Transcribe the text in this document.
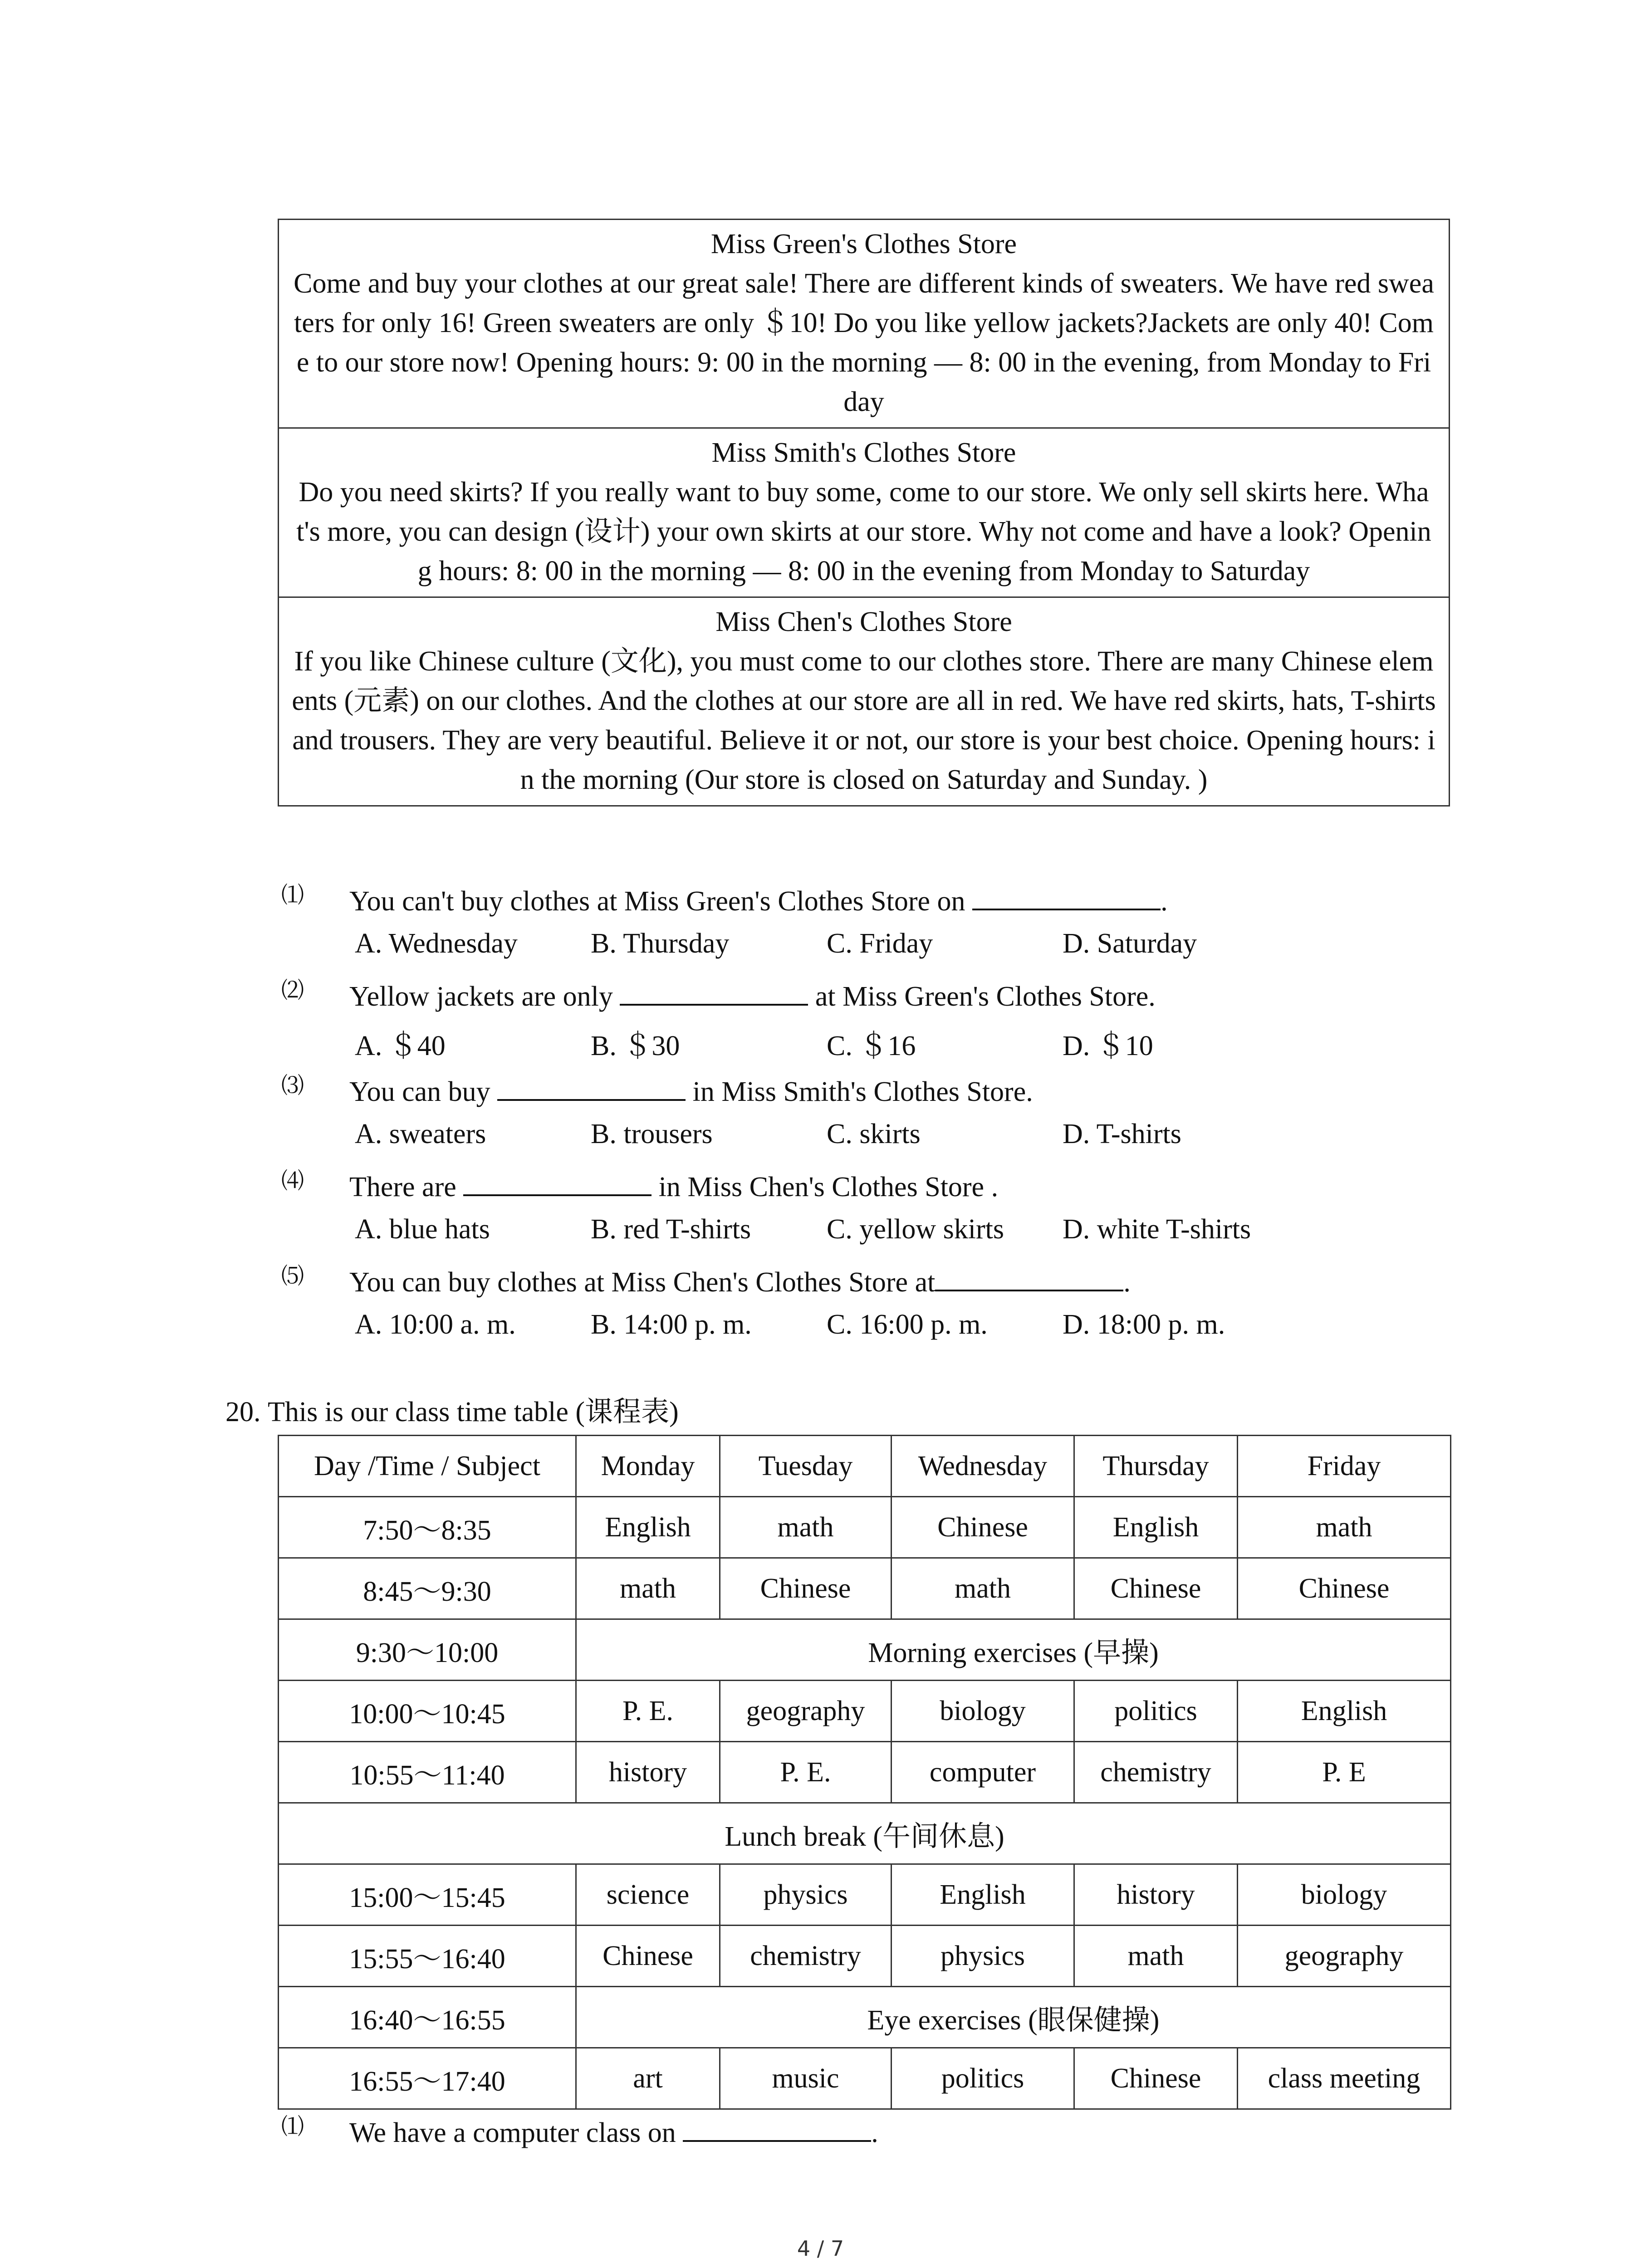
Miss Green's Clothes Store
Come and buy your clothes at our great sale! There are different kinds of sweaters. We have red sweaters for only 16! Green sweaters are only ＄10! Do you like yellow jackets?Jackets are only 40! Come to our store now! Opening hours: 9: 00 in the morning — 8: 00 in the evening, from Monday to Friday
Miss Smith's Clothes Store
Do you need skirts? If you really want to buy some, come to our store. We only sell skirts here. What's more, you can design (设计) your own skirts at our store. Why not come and have a look? Opening hours: 8: 00 in the morning — 8: 00 in the evening from Monday to Saturday
Miss Chen's Clothes Store
If you like Chinese culture (文化), you must come to our clothes store. There are many Chinese elements (元素) on our clothes. And the clothes at our store are all in red. We have red skirts, hats, T-shirts and trousers. They are very beautiful. Believe it or not, our store is your best choice. Opening hours: in the morning (Our store is closed on Saturday and Sunday. )
⑴ You can't buy clothes at Miss Green's Clothes Store on	.
A. Wednesday	B. Thursday	C. Friday	D. Saturday
⑵ Yellow jackets are only	at Miss Green's Clothes Store.
A. ＄40	B. ＄30	C. ＄16	D. ＄10
⑶ You can buy	in Miss Smith's Clothes Store.
A. sweaters	B. trousers	C. skirts	D. T-shirts
⑷ There are	in Miss Chen's Clothes Store .
A. blue hats	B. red T-shirts	C. yellow skirts D. white T-shirts
⑸ You can buy clothes at Miss Chen's Clothes Store at	.
A. 10:00 a. m.	B. 14:00 p. m.	C. 16:00 p. m.	D. 18:00 p. m.
20. This is our class time table (课程表)
Day /Time / Subject	Monday	Tuesday	Wednesday	Thursday	Friday
7:50～8:35	English	math	Chinese	English	math
8:45～9:30	math	Chinese	math	Chinese	Chinese
9:30～10:00	Morning exercises (早操)				
10:00～10:45	P. E.	geography	biology	politics	English
10:55～11:40	history	P. E.	computer	chemistry	P. E
Lunch break (午间休息)					
15:00～15:45	science	physics	English	history	biology
15:55～16:40	Chinese	chemistry	physics	math	geography
16:40～16:55	Eye exercises (眼保健操)				
16:55～17:40	art	music	politics	Chinese	class meeting
⑴ We have a computer class on	.
4 / 7
